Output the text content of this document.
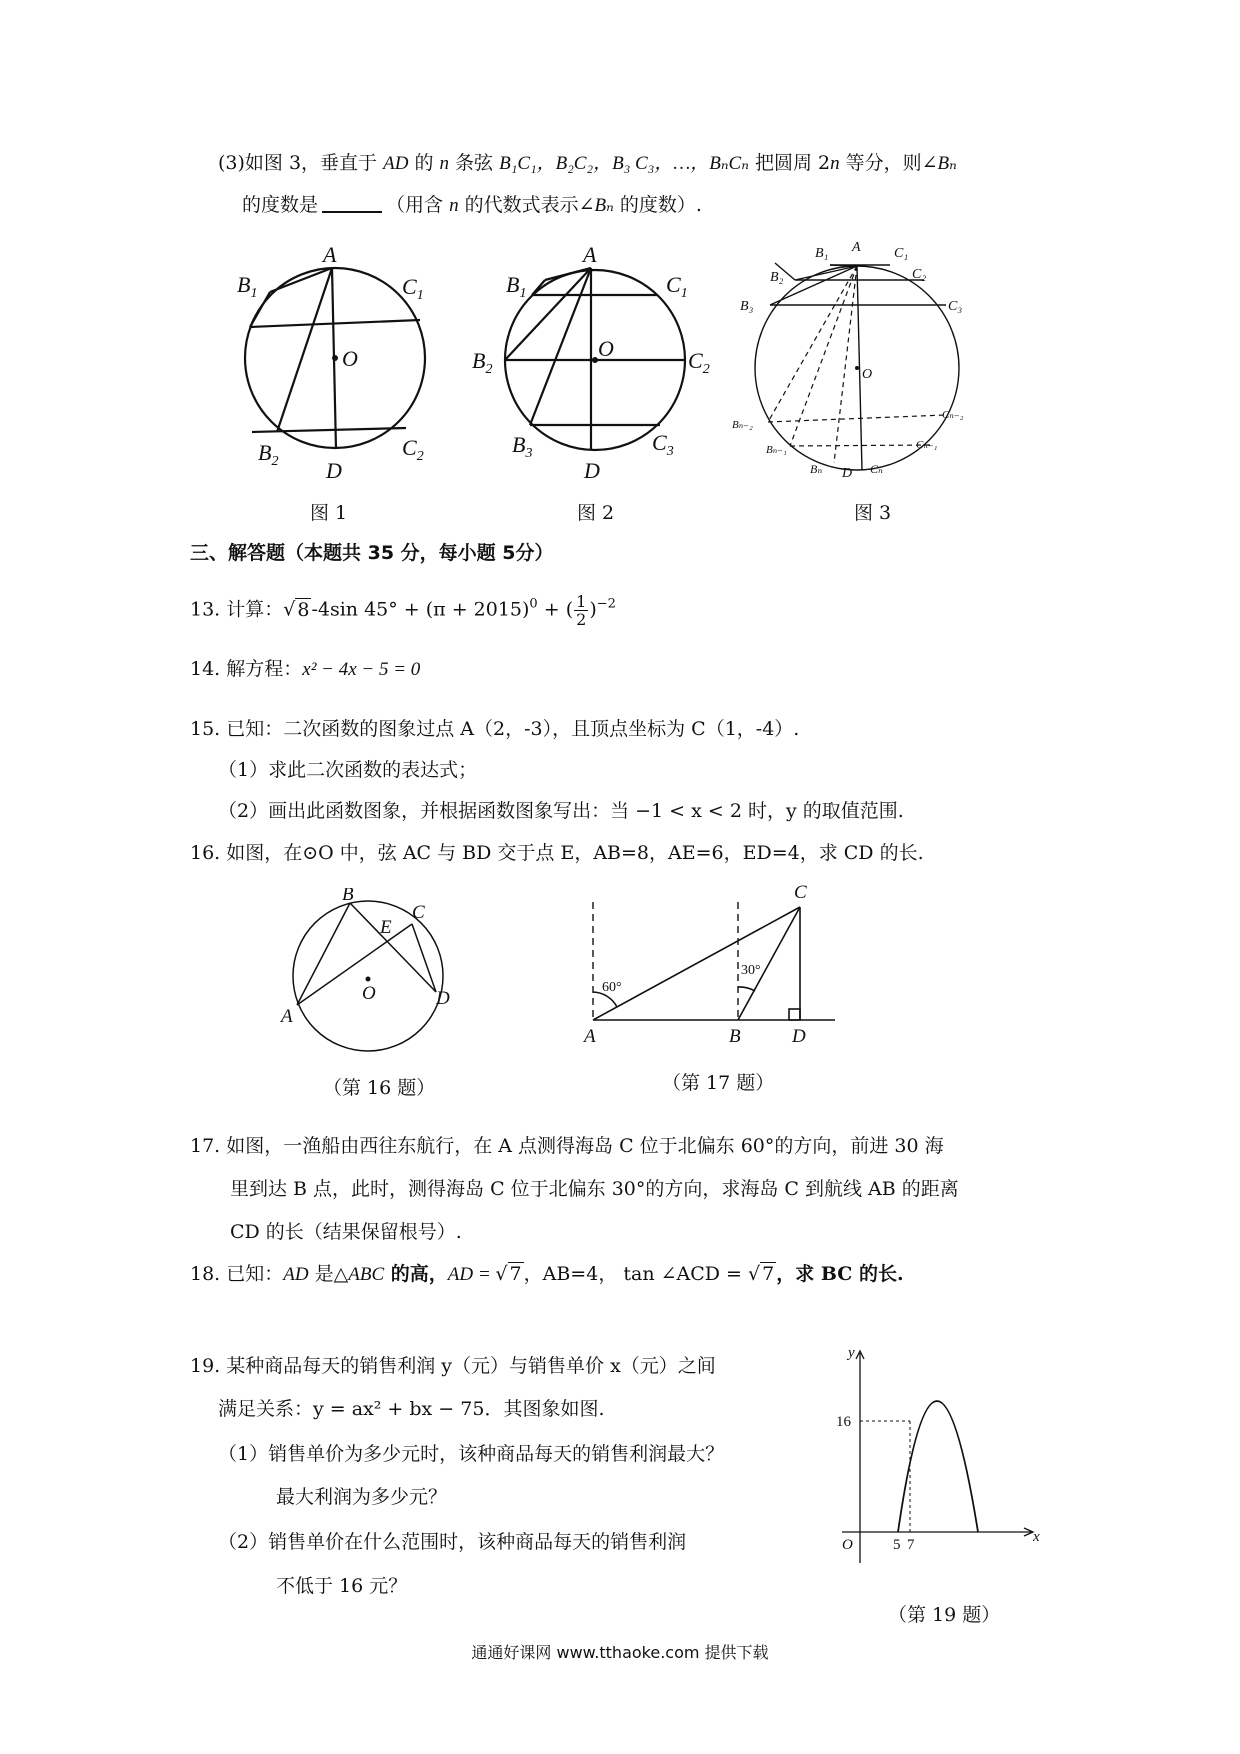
(3)如图 3，垂直于 AD 的 n 条弦 B₁C₁，B₂C₂，B₃ C₃，…，BₙCₙ 把圆周 2n 等分，则∠Bₙ
的度数是	（用含 n 的代数式表示∠Bₙ 的度数）.
A
$B_1$	$C_1$
O
$B_2$
$C_2$
D
图 1
A
$B_1$	$C_1$
$B_2$
O	$C_2$
$B_3$	$C_3$
D
图 2
A
B₁	C₁
B₂	C₂
B₃	C₃
O
Bₙ₋₂
Cₙ₋₂
Bₙ₋₁	Cₙ₋₁
Bₙ D Cₙ
图 3
三、解答题（本题共 35 分，每小题 5分）
13. 计算：√ 8 -4sin $45^\circ + (\pi + 2015)^0$ + ( $\frac{1}{2} )^{-2}$
14. 解方程：x² − 4x − 5 = 0
15. 已知：二次函数的图象过点 A（2，-3），且顶点坐标为 C（1，-4）.
（1）求此二次函数的表达式；
（2）画出此函数图象，并根据函数图象写出：当 −1 < x < 2 时，y 的取值范围.
16. 如图，在⊙O 中，弦 AC 与 BD 交于点 E，AB=8，AE=6，ED=4，求 CD 的长.
B
E
C
O
A
D
（第 16 题）
C
A	B	D
30°
60°
（第 17 题）
17. 如图，一渔船由西往东航行，在 A 点测得海岛 C 位于北偏东 60°的方向，前进 30 海
里到达 B 点，此时，测得海岛 C 位于北偏东 30°的方向，求海岛 C 到航线 AB 的距离
CD 的长（结果保留根号）.
18. 已知：AD 是△ABC 的高，AD = √ 7 ，AB=4， tan ∠ACD = √ 7 ，求 BC 的长.
19. 某种商品每天的销售利润 y（元）与销售单价 x（元）之间
满足关系：y = ax² + bx − 75．其图象如图.
（1）销售单价为多少元时，该种商品每天的销售利润最大？
最大利润为多少元？
（2）销售单价在什么范围时，该种商品每天的销售利润
不低于 16 元？
y
x
O
16
5 7
（第 19 题）
通通好课网 www.tthaoke.com 提供下载
